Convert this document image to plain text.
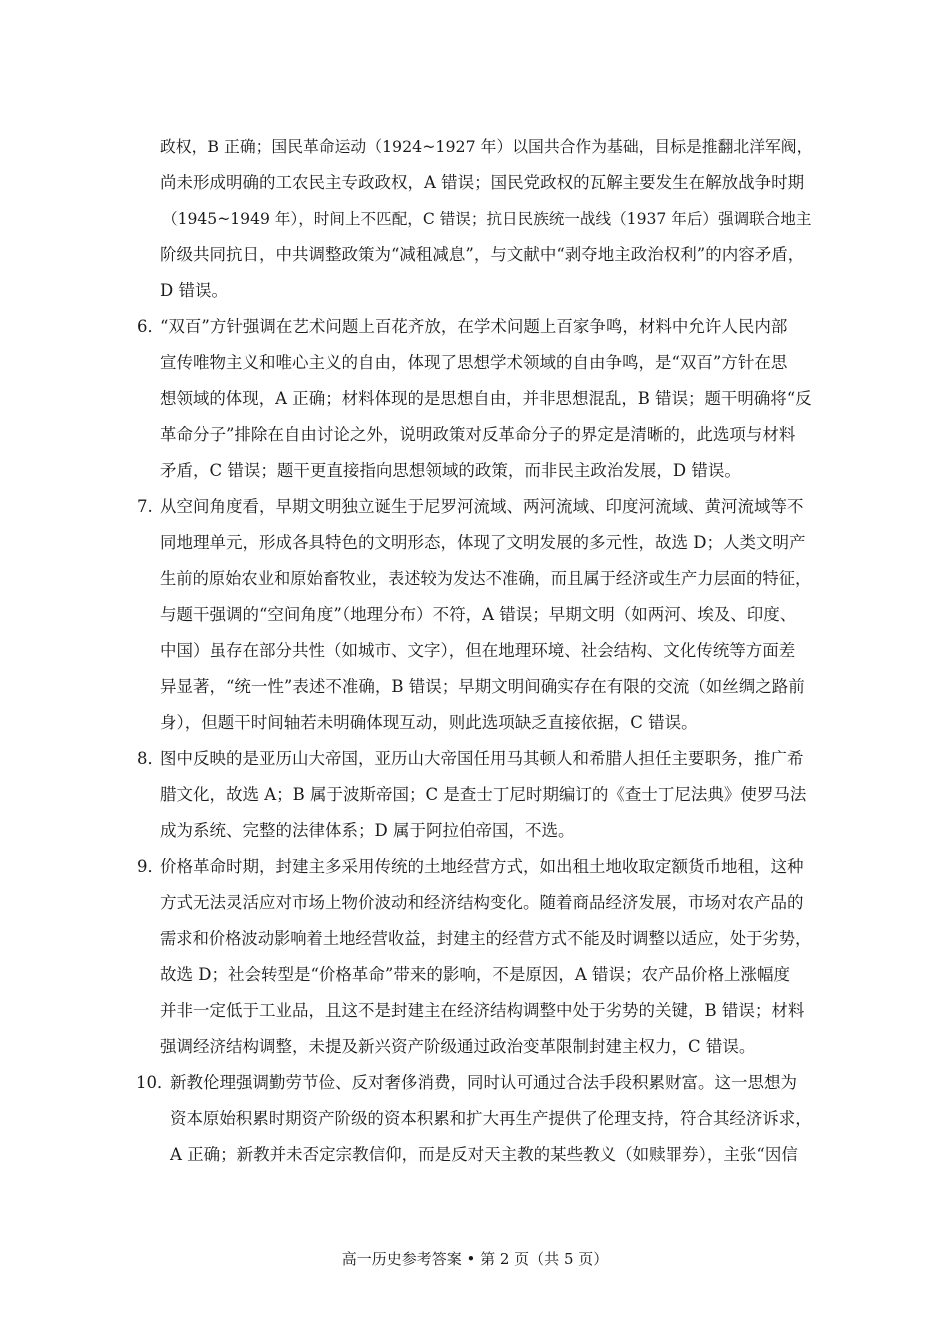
政权，B 正确；国民革命运动（1924~1927 年）以国共合作为基础，目标是推翻北洋军阀，
尚未形成明确的工农民主专政政权，A 错误；国民党政权的瓦解主要发生在解放战争时期
（1945~1949 年），时间上不匹配，C 错误；抗日民族统一战线（1937 年后）强调联合地主
阶级共同抗日，中共调整政策为“减租减息”，与文献中“剥夺地主政治权利”的内容矛盾，
D 错误。
6．
“双百”方针强调在艺术问题上百花齐放，在学术问题上百家争鸣，材料中允许人民内部
宣传唯物主义和唯心主义的自由，体现了思想学术领域的自由争鸣，是“双百”方针在思
想领域的体现，A 正确；材料体现的是思想自由，并非思想混乱，B 错误；题干明确将“反
革命分子”排除在自由讨论之外，说明政策对反革命分子的界定是清晰的，此选项与材料
矛盾，C 错误；题干更直接指向思想领域的政策，而非民主政治发展，D 错误。
7. 从空间角度看，早期文明独立诞生于尼罗河流域、两河流域、印度河流域、黄河流域等不
同地理单元，形成各具特色的文明形态，体现了文明发展的多元性，故选 D；人类文明产
生前的原始农业和原始畜牧业，表述较为发达不准确，而且属于经济或生产力层面的特征，
与题干强调的“空间角度”（地理分布）不符，A 错误；早期文明（如两河、埃及、印度、
中国）虽存在部分共性（如城市、文字），但在地理环境、社会结构、文化传统等方面差
异显著，“统一性”表述不准确，B 错误；早期文明间确实存在有限的交流（如丝绸之路前
身），但题干时间轴若未明确体现互动，则此选项缺乏直接依据，C 错误。
8．
图中反映的是亚历山大帝国，亚历山大帝国任用马其顿人和希腊人担任主要职务，推广希
腊文化，故选 A；B 属于波斯帝国；C 是查士丁尼时期编订的《查士丁尼法典》使罗马法
成为系统、完整的法律体系；D 属于阿拉伯帝国，不选。
9．
价格革命时期，封建主多采用传统的土地经营方式，如出租土地收取定额货币地租，这种
方式无法灵活应对市场上物价波动和经济结构变化。随着商品经济发展，市场对农产品的
需求和价格波动影响着土地经营收益，封建主的经营方式不能及时调整以适应，处于劣势，
故选 D；社会转型是“价格革命”带来的影响，不是原因，A 错误；农产品价格上涨幅度
并非一定低于工业品，且这不是封建主在经济结构调整中处于劣势的关键，B 错误；材料
强调经济结构调整，未提及新兴资产阶级通过政治变革限制封建主权力，C 错误。
10．
新教伦理强调勤劳节俭、反对奢侈消费，同时认可通过合法手段积累财富。这一思想为
资本原始积累时期资产阶级的资本积累和扩大再生产提供了伦理支持，符合其经济诉求，
A 正确；新教并未否定宗教信仰，而是反对天主教的某些教义（如赎罪券），主张“因信
高一历史参考答案 • 第 2 页（共 5 页）
